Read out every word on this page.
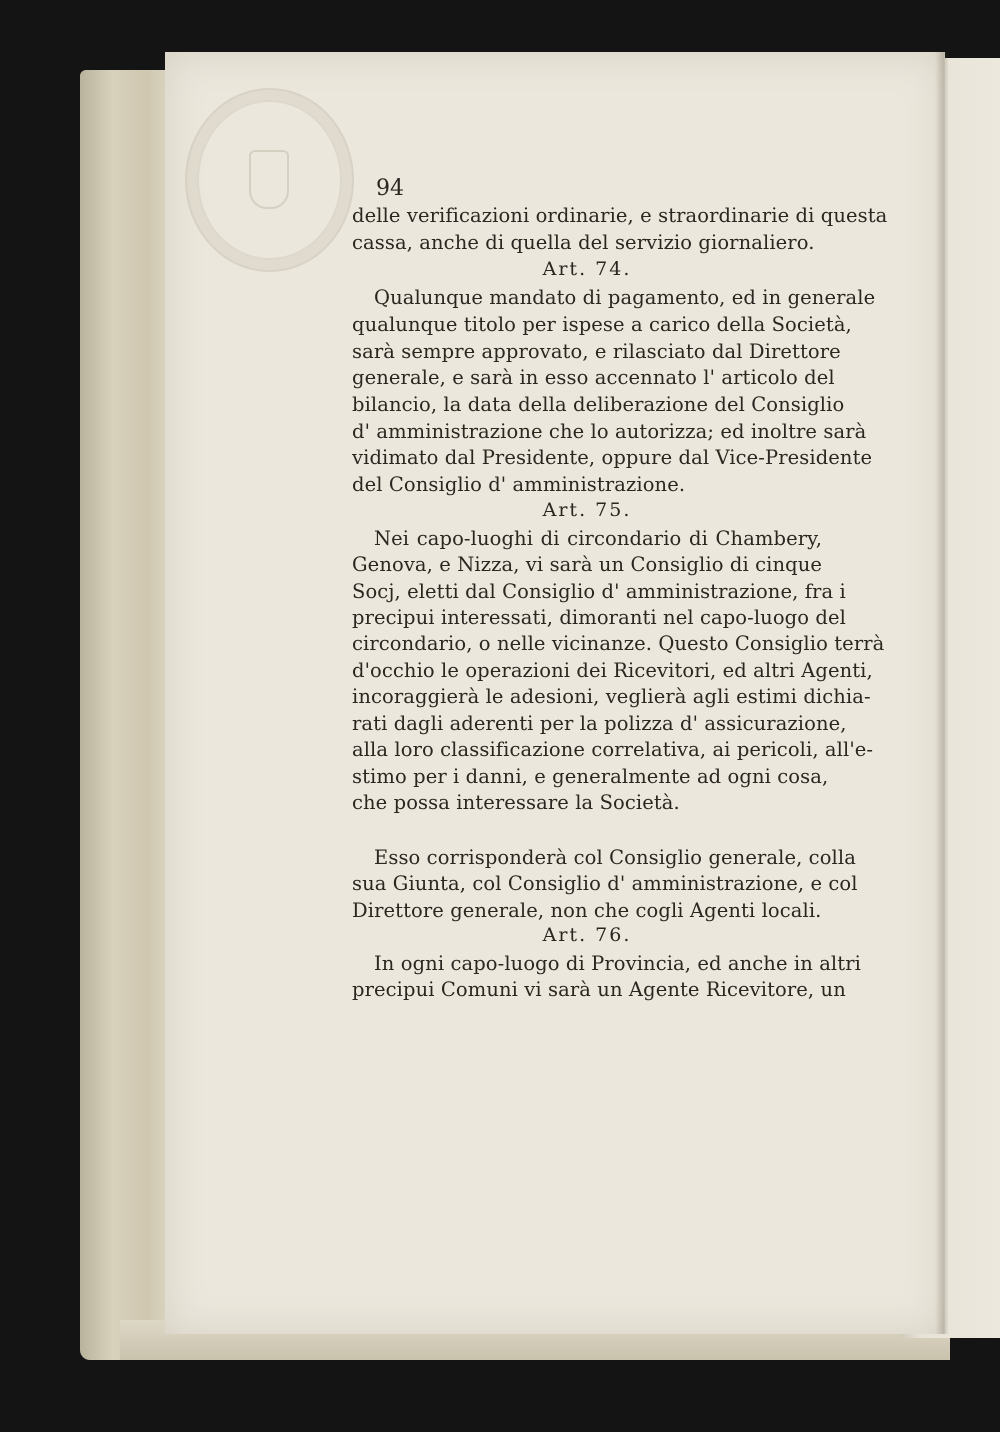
94
delle verificazioni ordinarie, e straordinarie di questa
cassa, anche di quella del servizio giornaliero.
Art. 74.
Qualunque mandato di pagamento, ed in generale
qualunque titolo per ispese a carico della Società,
sarà sempre approvato, e rilasciato dal Direttore
generale, e sarà in esso accennato l' articolo del
bilancio, la data della deliberazione del Consiglio
d' amministrazione che lo autorizza; ed inoltre sarà
vidimato dal Presidente, oppure dal Vice-Presidente
del Consiglio d' amministrazione.
Art. 75.
Nei capo-luoghi di circondario di Chambery,
Genova, e Nizza, vi sarà un Consiglio di cinque
Socj, eletti dal Consiglio d' amministrazione, fra i
precipui interessati, dimoranti nel capo-luogo del
circondario, o nelle vicinanze. Questo Consiglio terrà
d'occhio le operazioni dei Ricevitori, ed altri Agenti,
incoraggierà le adesioni, veglierà agli estimi dichia-
rati dagli aderenti per la polizza d' assicurazione,
alla loro classificazione correlativa, ai pericoli, all'e-
stimo per i danni, e generalmente ad ogni cosa,
che possa interessare la Società.
Esso corrisponderà col Consiglio generale, colla
sua Giunta, col Consiglio d' amministrazione, e col
Direttore generale, non che cogli Agenti locali.
Art. 76.
In ogni capo-luogo di Provincia, ed anche in altri
precipui Comuni vi sarà un Agente Ricevitore, un
